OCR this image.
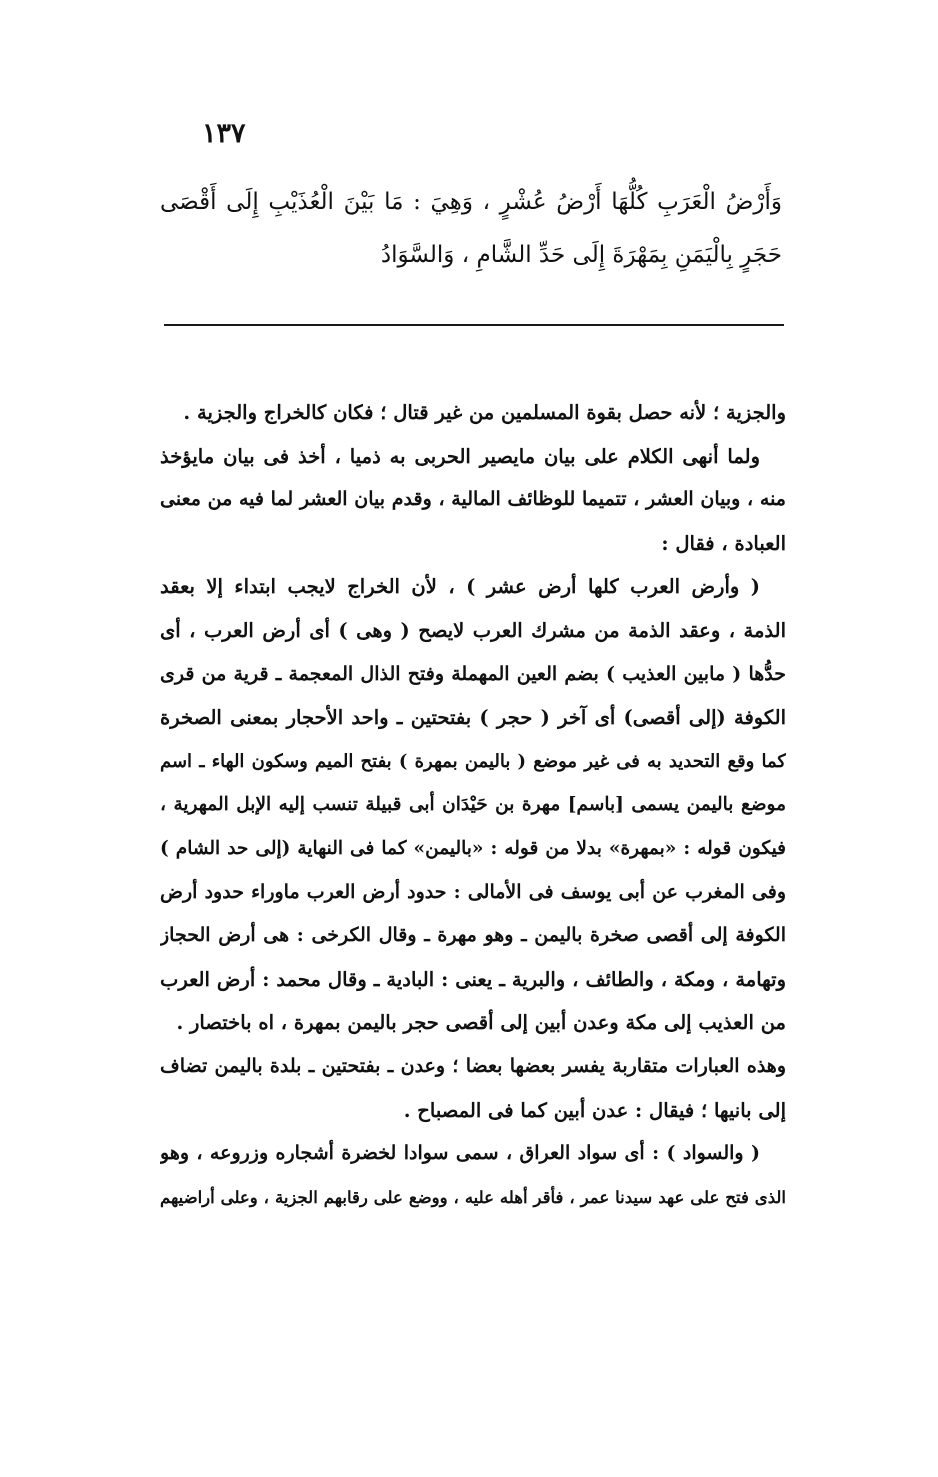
١٣٧
وَأَرْضُ الْعَرَبِ كُلُّهَا أَرْضُ عُشْرٍ ، وَهِيَ : مَا بَيْنَ الْعُذَيْبِ إِلَى أَقْصَى
حَجَرٍ بِالْيَمَنِ بِمَهْرَةَ إِلَى حَدِّ الشَّامِ ، وَالسَّوَادُ
والجزية ؛ لأنه حصل بقوة المسلمين من غير قتال ؛ فكان كالخراج والجزية .
ولما أنهى الكلام على بيان مايصير الحربى به ذميا ، أخذ فى بيان مايؤخذ
منه ، وبيان العشر ، تتميما للوظائف المالية ، وقدم بيان العشر لما فيه من معنى
العبادة ، فقال :
( وأرض العرب كلها أرض عشر ) ، لأن الخراج لايجب ابتداء إلا بعقد
الذمة ، وعقد الذمة من مشرك العرب لايصح ( وهى ) أى أرض العرب ، أى
حدُّها ( مابين العذيب ) بضم العين المهملة وفتح الذال المعجمة ـ قرية من قرى
الكوفة (إلى أقصى) أى آخر ( حجر ) بفتحتين ـ واحد الأحجار بمعنى الصخرة
كما وقع التحديد به فى غير موضع ( باليمن بمهرة ) بفتح الميم وسكون الهاء ـ اسم
موضع باليمن يسمى [باسم] مهرة بن حَيْدَان أبى قبيلة تنسب إليه الإبل المهرية ،
فيكون قوله : «بمهرة» بدلا من قوله : «باليمن» كما فى النهاية (إلى حد الشام )
وفى المغرب عن أبى يوسف فى الأمالى : حدود أرض العرب ماوراء حدود أرض
الكوفة إلى أقصى صخرة باليمن ـ وهو مهرة ـ وقال الكرخى : هى أرض الحجاز
وتهامة ، ومكة ، والطائف ، والبرية ـ يعنى : البادية ـ وقال محمد : أرض العرب
من العذيب إلى مكة وعدن أبين إلى أقصى حجر باليمن بمهرة ، اه باختصار .
وهذه العبارات متقاربة يفسر بعضها بعضا ؛ وعدن ـ بفتحتين ـ بلدة باليمن تضاف
إلى بانيها ؛ فيقال : عدن أبين كما فى المصباح .
( والسواد ) : أى سواد العراق ، سمى سوادا لخضرة أشجاره وزروعه ، وهو
الذى فتح على عهد سيدنا عمر ، فأقر أهله عليه ، ووضع على رقابهم الجزية ، وعلى أراضيهم
